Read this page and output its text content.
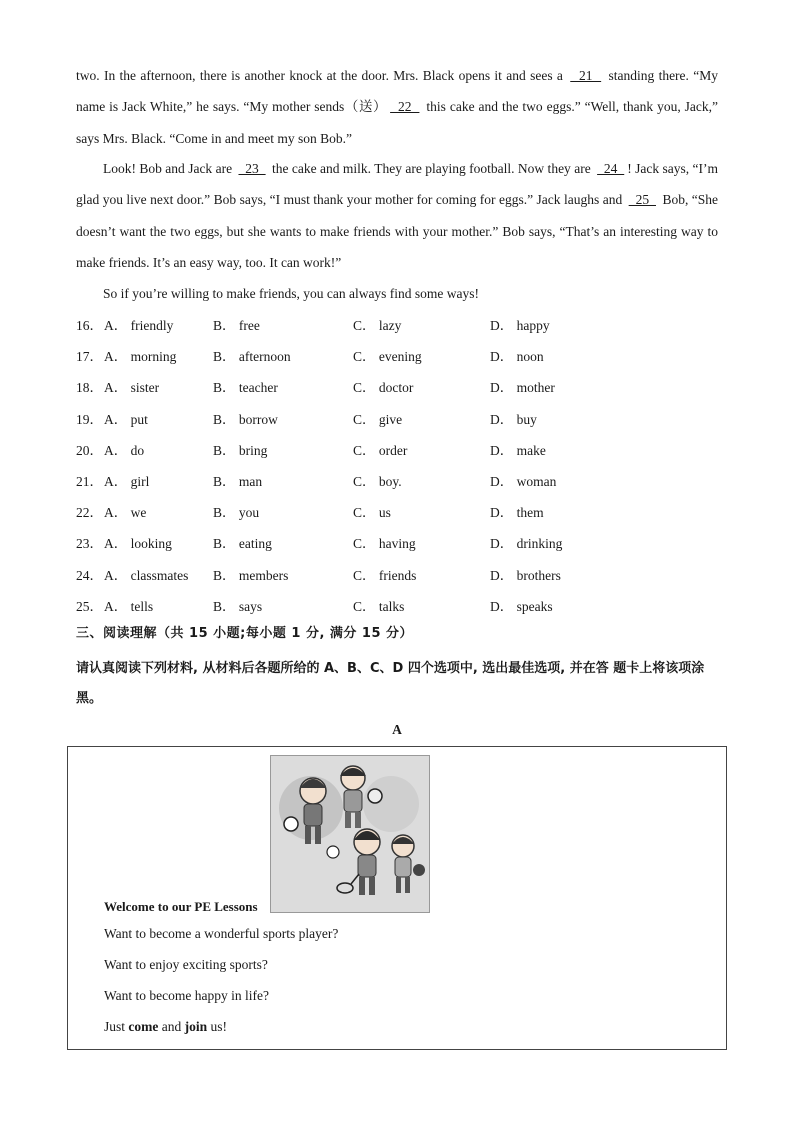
two. In the afternoon, there is another knock at the door. Mrs. Black opens it and sees a   21   standing there. “My name is Jack White,” he says. “My mother sends（送）  22   this cake and the two eggs.” “Well, thank you, Jack,” says Mrs. Black. “Come in and meet my son Bob.”
Look! Bob and Jack are   23   the cake and milk. They are playing football. Now they are   24  ! Jack says, “I’m glad you live next door.” Bob says, “I must thank your mother for coming for eggs.” Jack laughs and   25   Bob, “She doesn’t want the two eggs, but she wants to make friends with your mother.” Bob says, “That’s an interesting way to make friends. It’s an easy way, too. It can work!”
So if you’re willing to make friends, you can always find some ways!
16． A． friendly	B． free	C． lazy	D． happy
17． A． morning	B． afternoon	C． evening	D． noon
18． A． sister	B． teacher	C． doctor	D． mother
19． A． put	B． borrow	C． give	D． buy
20． A． do	B． bring	C． order	D． make
21． A． girl	B． man	C． boy.	D． woman
22． A． we	B． you	C． us	D． them
23． A． looking	B． eating	C． having	D． drinking
24． A． classmates B． members	C． friends	D． brothers
25． A． tells	B． says	C． talks	D． speaks
三、阅读理解（共 15 小题;每小题 1 分, 满分 15 分）
请认真阅读下列材料, 从材料后各题所给的 A、B、C、D 四个选项中, 选出最佳选项, 并在答 题卡上将该项涂黑。
A
Welcome to our PE Lessons
Want to become a wonderful sports player?
Want to enjoy exciting sports?
Want to become happy in life?
Just come and join us!
